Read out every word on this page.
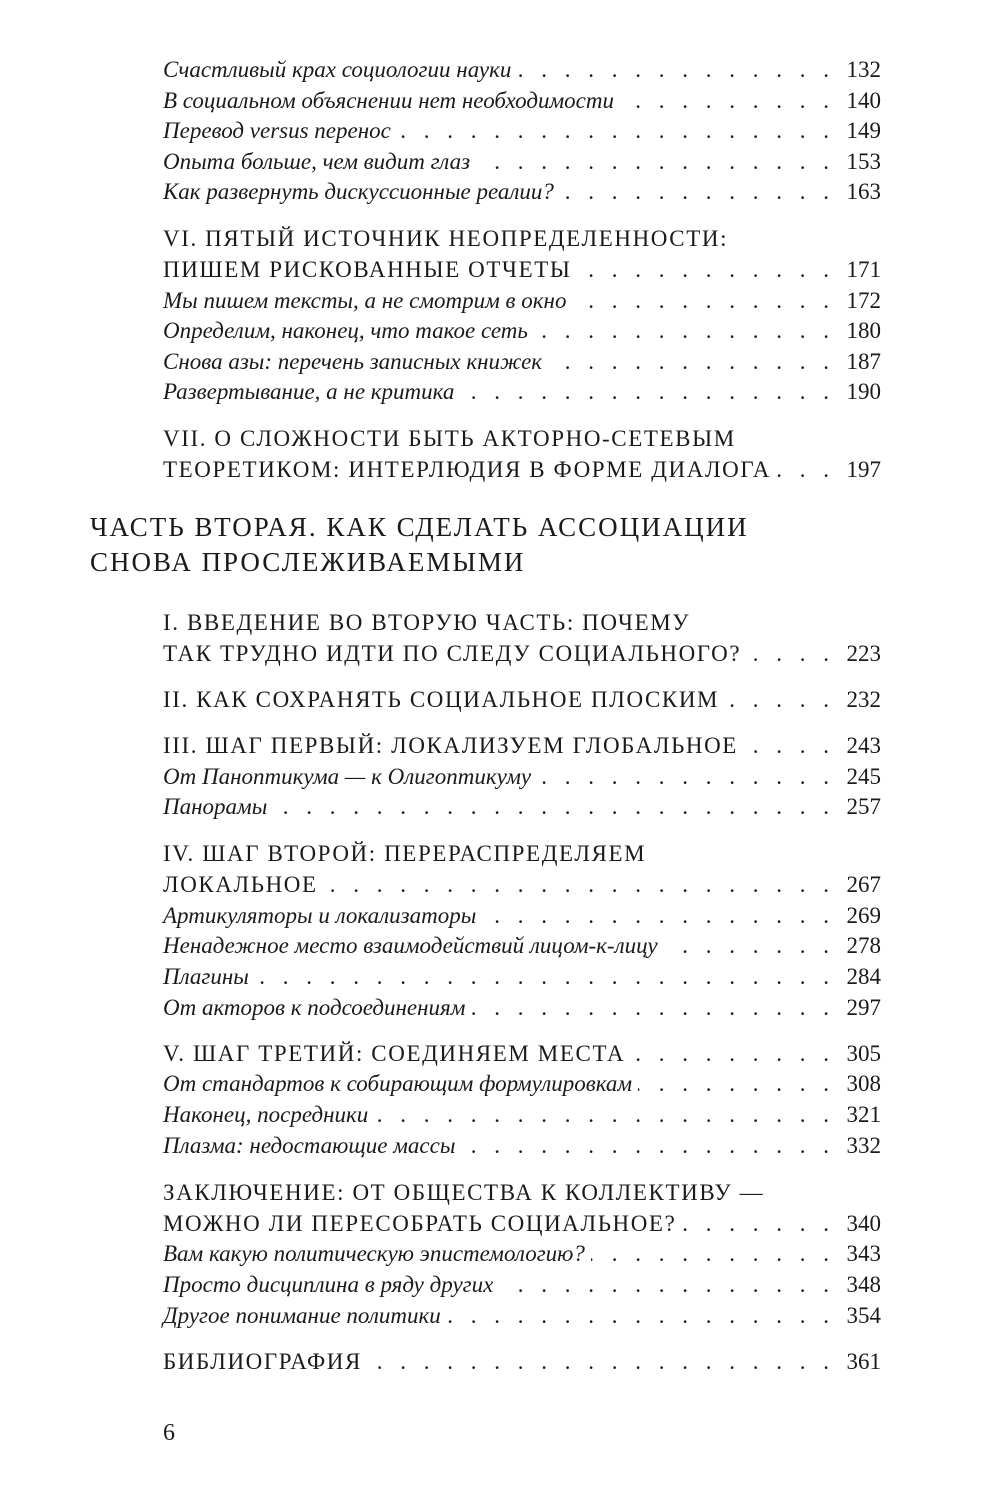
Счастливый крах социологии науки . . .	132
В социальном объяснении нет необходимости . . .	140
Перевод versus перенос . . .	149
Опыта больше, чем видит глаз . . .	153
Как развернуть дискуссионные реалии? . . .	163
VI. ПЯТЫЙ ИСТОЧНИК НЕОПРЕДЕЛЕННОСТИ:
ПИШЕМ РИСКОВАННЫЕ ОТЧЕТЫ . . .	171
Мы пишем тексты, а не смотрим в окно . . .	172
Определим, наконец, что такое сеть . . .	180
Снова азы: перечень записных книжек . . .	187
Развертывание, а не критика . . .	190
VII. О СЛОЖНОСТИ БЫТЬ АКТОРНО-СЕТЕВЫМ
ТЕОРЕТИКОМ: ИНТЕРЛЮДИЯ В ФОРМЕ ДИАЛОГА . . .	197
ЧАСТЬ ВТОРАЯ. КАК СДЕЛАТЬ АССОЦИАЦИИ
СНОВА ПРОСЛЕЖИВАЕМЫМИ
I. ВВЕДЕНИЕ ВО ВТОРУЮ ЧАСТЬ: ПОЧЕМУ
ТАК ТРУДНО ИДТИ ПО СЛЕДУ СОЦИАЛЬНОГО? . . .	223
II. КАК СОХРАНЯТЬ СОЦИАЛЬНОЕ ПЛОСКИМ . . .	232
III. ШАГ ПЕРВЫЙ: ЛОКАЛИЗУЕМ ГЛОБАЛЬНОЕ . . .	243
От Паноптикума — к Олигоптикуму . . .	245
Панорамы . . .	257
IV. ШАГ ВТОРОЙ: ПЕРЕРАСПРЕДЕЛЯЕМ
ЛОКАЛЬНОЕ . . .	267
Артикуляторы и локализаторы . . .	269
Ненадежное место взаимодействий лицом-к-лицу . . .	278
Плагины . . .	284
От акторов к подсоединениям . . .	297
V. ШАГ ТРЕТИЙ: СОЕДИНЯЕМ МЕСТА . . .	305
От стандартов к собирающим формулировкам . . .	308
Наконец, посредники . . .	321
Плазма: недостающие массы . . .	332
ЗАКЛЮЧЕНИЕ: ОТ ОБЩЕСТВА К КОЛЛЕКТИВУ —
МОЖНО ЛИ ПЕРЕСОБРАТЬ СОЦИАЛЬНОЕ? . . .	340
Вам какую политическую эпистемологию? . . .	343
Просто дисциплина в ряду других . . .	348
Другое понимание политики . . .	354
БИБЛИОГРАФИЯ . . .	361
6
